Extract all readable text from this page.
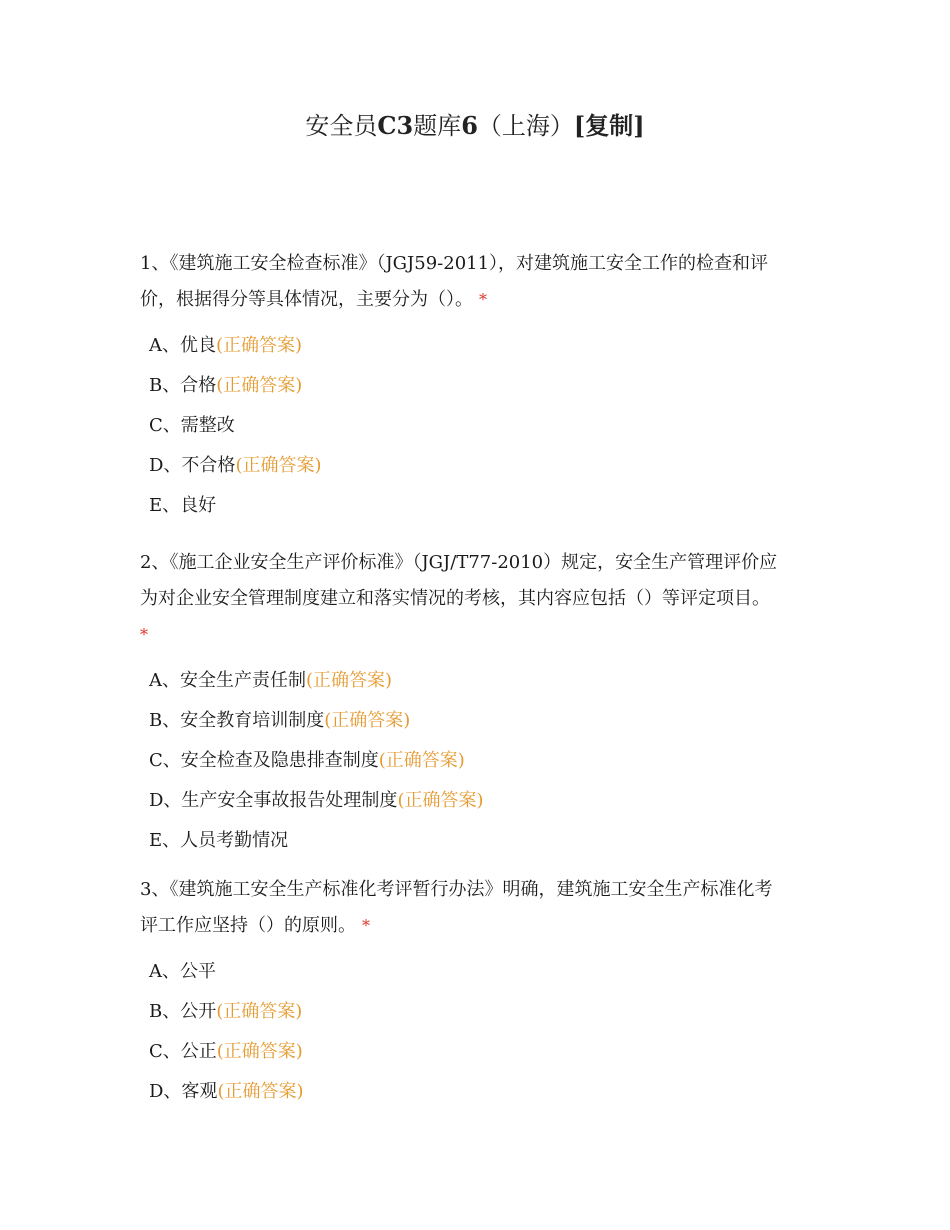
安全员C3题库6（上海）[复制]

1、《建筑施工安全检查标准》（JGJ59-2011），对建筑施工安全工作的检查和评
价，根据得分等具体情况，主要分为（）。 *

A、优良(正确答案)
B、合格(正确答案)
C、需整改
D、不合格(正确答案)
E、良好

2、《施工企业安全生产评价标准》（JGJ/T77-2010）规定，安全生产管理评价应
为对企业安全管理制度建立和落实情况的考核，其内容应包括（）等评定项目。
*

A、安全生产责任制(正确答案)
B、安全教育培训制度(正确答案)
C、安全检查及隐患排查制度(正确答案)
D、生产安全事故报告处理制度(正确答案)
E、人员考勤情况

3、《建筑施工安全生产标准化考评暂行办法》明确，建筑施工安全生产标准化考
评工作应坚持（）的原则。 *

A、公平
B、公开(正确答案)
C、公正(正确答案)
D、客观(正确答案)
